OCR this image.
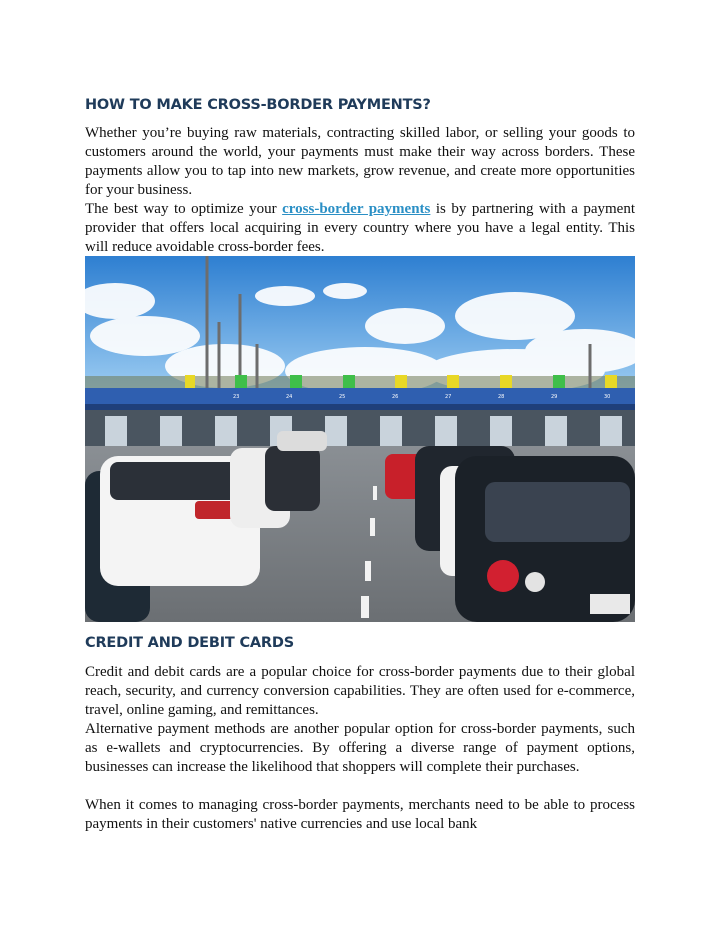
HOW TO MAKE CROSS-BORDER PAYMENTS?

Whether you’re buying raw materials, contracting skilled labor, or selling your goods to customers around the world, your payments must make their way across borders. These payments allow you to tap into new markets, grow revenue, and create more opportunities for your business.

The best way to optimize your cross-border payments is by partnering with a payment provider that offers local acquiring in every country where you have a legal entity. This will reduce avoidable cross-border fees.

23	24	25	26	27	28	29	30
CREDIT AND DEBIT CARDS

Credit and debit cards are a popular choice for cross-border payments due to their global reach, security, and currency conversion capabilities. They are often used for e-commerce, travel, online gaming, and remittances.

Alternative payment methods are another popular option for cross-border payments, such as e-wallets and cryptocurrencies. By offering a diverse range of payment options, businesses can increase the likelihood that shoppers will complete their purchases.

When it comes to managing cross-border payments, merchants need to be able to process payments in their customers' native currencies and use local bank
